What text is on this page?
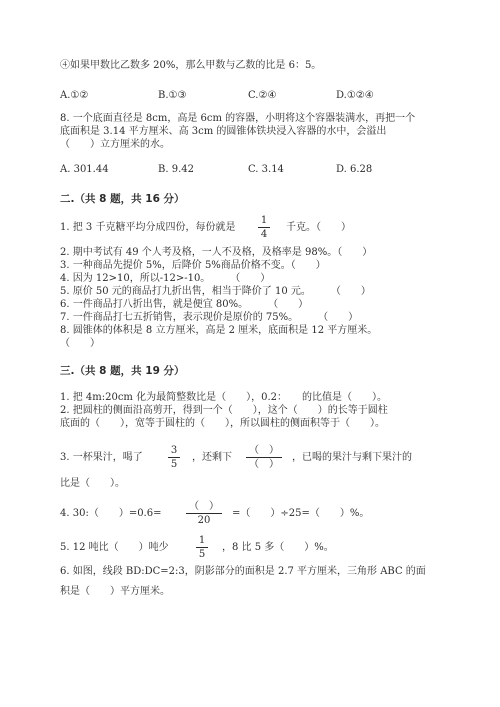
④如果甲数比乙数多 20%，那么甲数与乙数的比是 6：5。
A.①②	B.①③	C.②④	D.①②④
8. 一个底面直径是 8cm，高是 6cm 的容器，小明将这个容器装满水，再把一个
底面积是 3.14 平方厘米、高 3cm 的圆锥体铁块浸入容器的水中，会溢出
（　　）立方厘米的水。
A. 301.44	B. 9.42	C. 3.14	D. 6.28
二.（共 8 题，共 16 分）
1. 把 3 千克糖平均分成四份，每份就是
1
4
千克。（　　）
2. 期中考试有 49 个人考及格，一人不及格，及格率是 98%。（　　）
3. 一种商品先提价 5%，后降价 5%商品价格不变。（　　）
4. 因为 12>10，所以-12>-10。　　　（　　）
5. 原价 50 元的商品打九折出售，相当于降价了 10 元。　　　（　　）
6. 一件商品打八折出售，就是便宜 80%。　　　（　　）
7. 一件商品打七五折销售，表示现价是原价的 75%。　　　（　　）
8. 圆锥体的体积是 8 立方厘米，高是 2 厘米，底面积是 12 平方厘米。
（　　）
三.（共 8 题，共 19 分）
1. 把 4m:20cm 化为最简整数比是（　　），0.2：　　的比值是（　　）。
2. 把圆柱的侧面沿高剪开，得到一个（　　），这个（　　）的长等于圆柱
底面的（　　），宽等于圆柱的（　　），所以圆柱的侧面积等于（　　）。
3. 一杯果汁，喝了
3
5
，还剩下
（　）
（　）
，已喝的果汁与剩下果汁的
比是（　　）。
4. 30:（　　）=0.6=
（　）
20
=（　　）÷25=（　　）%。
5. 12 吨比（　　）吨少
1
5
，8 比 5 多（　　）%。
6. 如图，线段 BD:DC=2:3，阴影部分的面积是 2.7 平方厘米，三角形 ABC 的面
积是（　　）平方厘米。
